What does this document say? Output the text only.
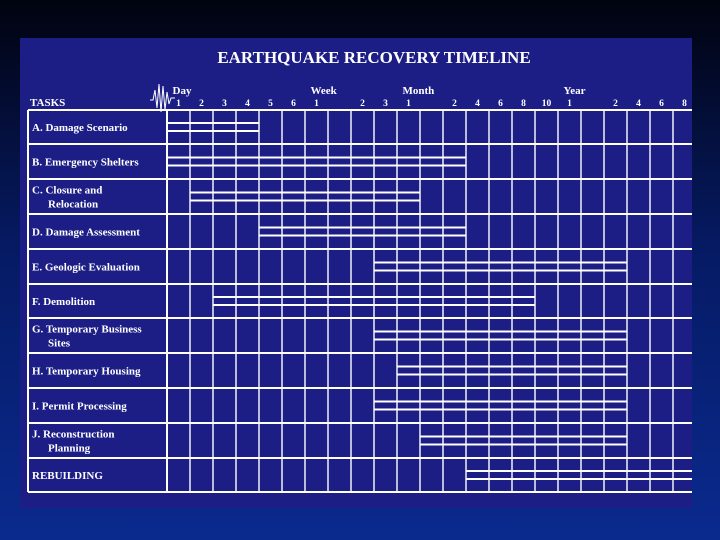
EARTHQUAKE RECOVERY TIMELINE
TASKS
Day	Week	Month	Year
1 2 3 4 5 6 1	2 3 1	2 4 6 8 10 1	2 4 6 8
A. Damage Scenario
B. Emergency Shelters
C. Closure and
Relocation
D. Damage Assessment
E. Geologic Evaluation
F. Demolition
G. Temporary Business
Sites
H. Temporary Housing
I. Permit Processing
J. Reconstruction
Planning
REBUILDING
